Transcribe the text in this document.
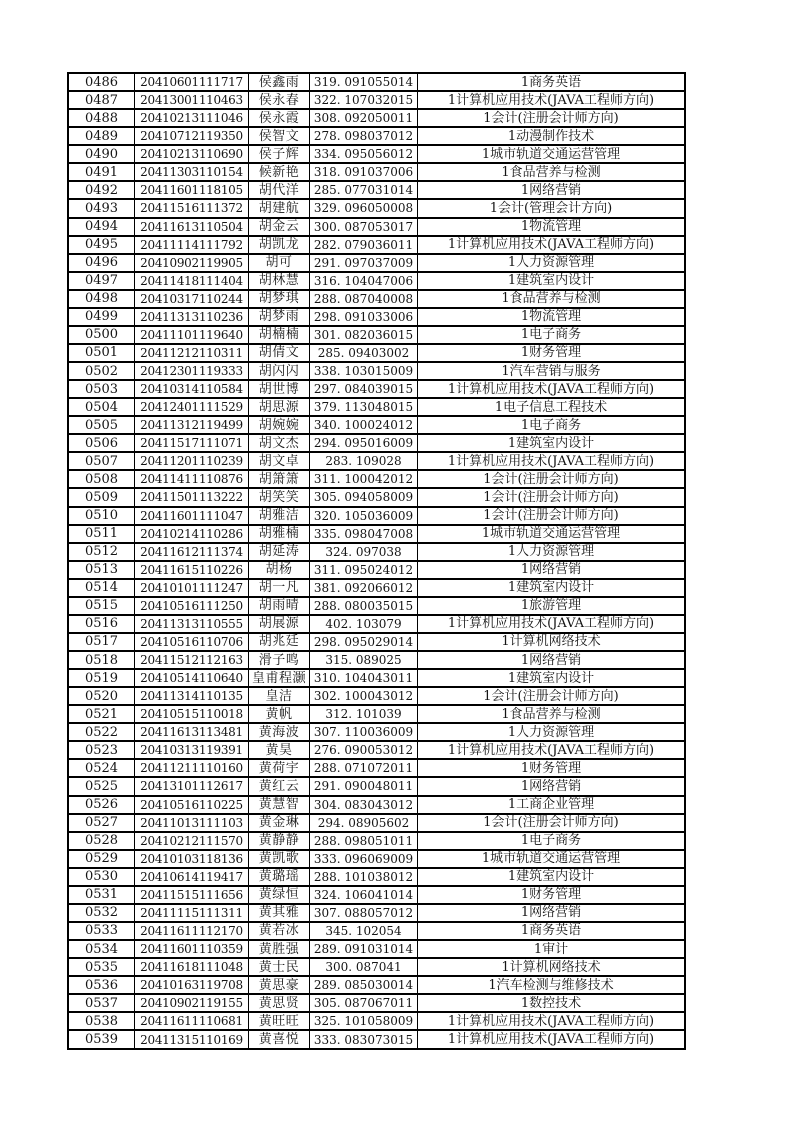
0486	20410601111717	侯鑫雨	319. 091055014	1商务英语
0487	20413001110463	侯永春	322. 107032015	1计算机应用技术(JAVA工程师方向)
0488	20410213111046	侯永霞	308. 092050011	1会计(注册会计师方向)
0489	20410712119350	侯智文	278. 098037012	1动漫制作技术
0490	20410213110690	侯子辉	334. 095056012	1城市轨道交通运营管理
0491	20411303110154	候新艳	318. 091037006	1食品营养与检测
0492	20411601118105	胡代洋	285. 077031014	1网络营销
0493	20411516111372	胡建航	329. 096050008	1会计(管理会计方向)
0494	20411613110504	胡金云	300. 087053017	1物流管理
0495	20411114111792	胡凯龙	282. 079036011	1计算机应用技术(JAVA工程师方向)
0496	20410902119905	胡可	291. 097037009	1人力资源管理
0497	20411418111404	胡林慧	316. 104047006	1建筑室内设计
0498	20410317110244	胡梦琪	288. 087040008	1食品营养与检测
0499	20411313110236	胡梦雨	298. 091033006	1物流管理
0500	20411101119640	胡楠楠	301. 082036015	1电子商务
0501	20411212110311	胡倩文	285. 09403002	1财务管理
0502	20412301119333	胡闪闪	338. 103015009	1汽车营销与服务
0503	20410314110584	胡世博	297. 084039015	1计算机应用技术(JAVA工程师方向)
0504	20412401111529	胡思源	379. 113048015	1电子信息工程技术
0505	20411312119499	胡婉婉	340. 100024012	1电子商务
0506	20411517111071	胡文杰	294. 095016009	1建筑室内设计
0507	20411201110239	胡文卓	283. 109028	1计算机应用技术(JAVA工程师方向)
0508	20411411110876	胡箫箫	311. 100042012	1会计(注册会计师方向)
0509	20411501113222	胡笑笑	305. 094058009	1会计(注册会计师方向)
0510	20411601111047	胡雅洁	320. 105036009	1会计(注册会计师方向)
0511	20410214110286	胡雅楠	335. 098047008	1城市轨道交通运营管理
0512	20411612111374	胡延涛	324. 097038	1人力资源管理
0513	20411615110226	胡杨	311. 095024012	1网络营销
0514	20410101111247	胡一凡	381. 092066012	1建筑室内设计
0515	20410516111250	胡雨晴	288. 080035015	1旅游管理
0516	20411313110555	胡展源	402. 103079	1计算机应用技术(JAVA工程师方向)
0517	20410516110706	胡兆廷	298. 095029014	1计算机网络技术
0518	20411512112163	滑子鸣	315. 089025	1网络营销
0519	20410514110640	皇甫程灏	310. 104043011	1建筑室内设计
0520	20411314110135	皇洁	302. 100043012	1会计(注册会计师方向)
0521	20410515110018	黄帆	312. 101039	1食品营养与检测
0522	20411613113481	黄海波	307. 110036009	1人力资源管理
0523	20410313119391	黄昊	276. 090053012	1计算机应用技术(JAVA工程师方向)
0524	20411211110160	黄荷宇	288. 071072011	1财务管理
0525	20413101112617	黄红云	291. 090048011	1网络营销
0526	20410516110225	黄慧智	304. 083043012	1工商企业管理
0527	20411013111103	黄金琳	294. 08905602	1会计(注册会计师方向)
0528	20410212111570	黄静静	288. 098051011	1电子商务
0529	20410103118136	黄凯歌	333. 096069009	1城市轨道交通运营管理
0530	20410614119417	黄璐瑶	288. 101038012	1建筑室内设计
0531	20411515111656	黄绿恒	324. 106041014	1财务管理
0532	20411115111311	黄其雅	307. 088057012	1网络营销
0533	20411611112170	黄若冰	345. 102054	1商务英语
0534	20411601110359	黄胜强	289. 091031014	1审计
0535	20411618111048	黄士民	300. 087041	1计算机网络技术
0536	20410163119708	黄思豪	289. 085030014	1汽车检测与维修技术
0537	20410902119155	黄思贤	305. 087067011	1数控技术
0538	20411611110681	黄旺旺	325. 101058009	1计算机应用技术(JAVA工程师方向)
0539	20411315110169	黄喜悦	333. 083073015	1计算机应用技术(JAVA工程师方向)
